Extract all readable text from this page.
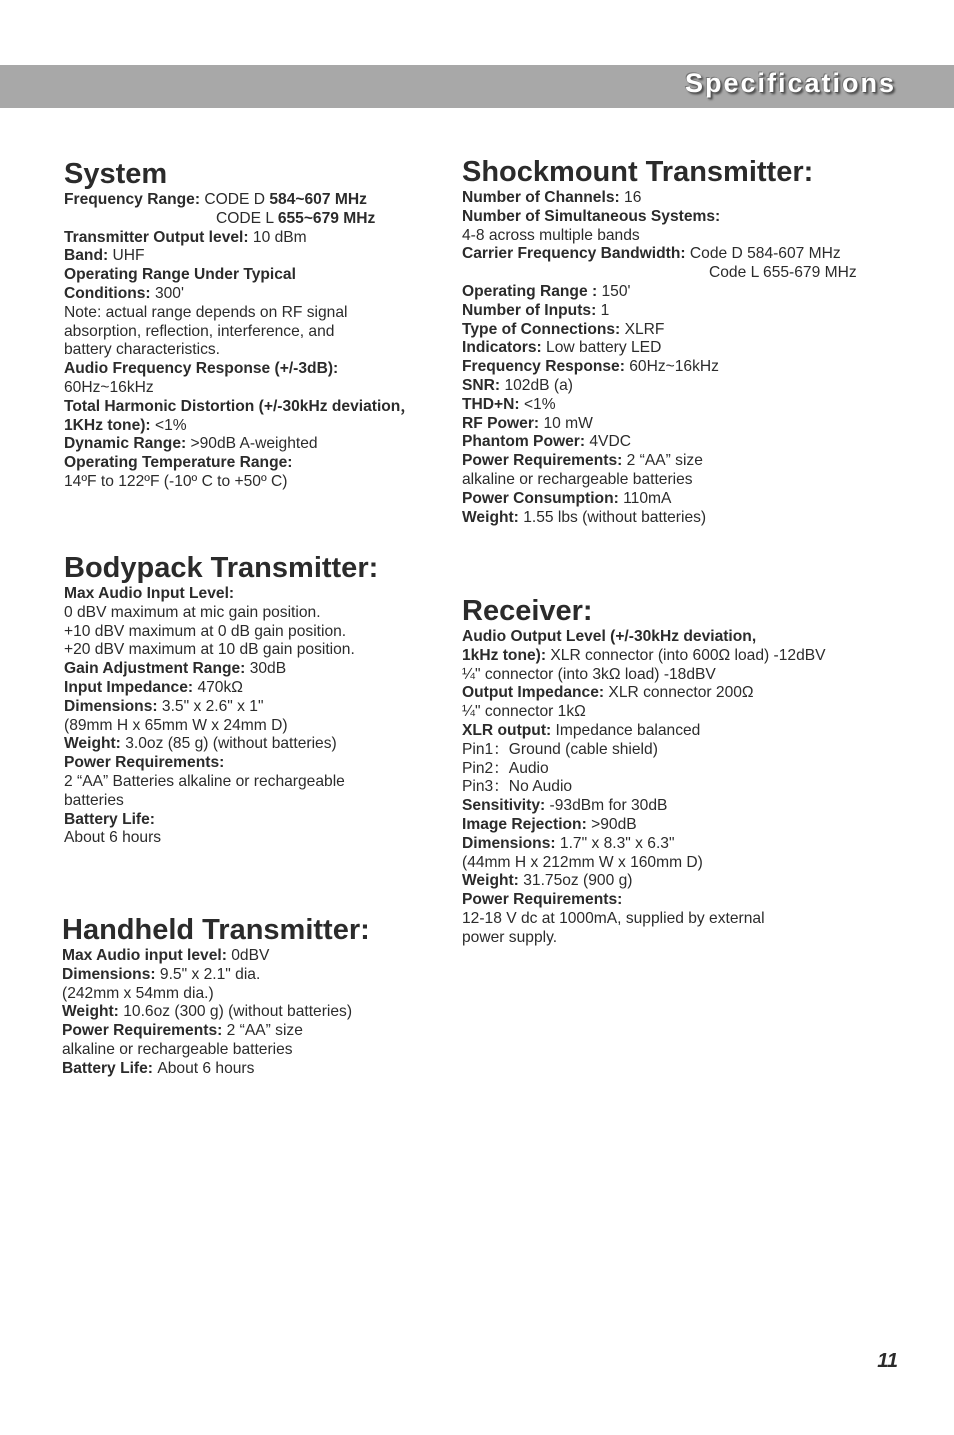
Specifications
System
Frequency Range: CODE D 584~607 MHz
CODE L 655~679 MHz
Transmitter Output level: 10 dBm
Band: UHF
Operating Range Under Typical
Conditions: 300'
Note: actual range depends on RF signal
absorption, reflection, interference, and
battery characteristics.
Audio Frequency Response (+/-3dB):
60Hz~16kHz
Total Harmonic Distortion (+/-30kHz deviation，
1KHz tone): <1%
Dynamic Range: >90dB A-weighted
Operating Temperature Range:
14ºF to 122ºF (-10º C to +50º C)
Bodypack Transmitter:
Max Audio Input Level:
0 dBV maximum at mic gain position.
+10 dBV maximum at 0 dB gain position.
+20 dBV maximum at 10 dB gain position.
Gain Adjustment Range: 30dB
Input Impedance: 470kΩ
Dimensions: 3.5" x 2.6" x 1"
(89mm H x 65mm W x 24mm D)
Weight: 3.0oz (85 g) (without batteries)
Power Requirements:
2 “AA” Batteries alkaline or rechargeable
batteries
Battery Life:
About 6 hours
Handheld Transmitter:
Max Audio input level: 0dBV
Dimensions: 9.5" x 2.1" dia.
(242mm x 54mm dia.)
Weight: 10.6oz (300 g) (without batteries)
Power Requirements: 2 “AA” size
alkaline or rechargeable batteries
Battery Life: About 6 hours
Shockmount Transmitter:
Number of Channels: 16
Number of Simultaneous Systems:
4-8 across multiple bands
Carrier Frequency Bandwidth: Code D 584-607 MHz
Code L 655-679 MHz
Operating Range : 150'
Number of Inputs: 1
Type of Connections: XLRF
Indicators: Low battery LED
Frequency Response: 60Hz~16kHz
SNR: 102dB (a)
THD+N: <1%
RF Power: 10 mW
Phantom Power: 4VDC
Power Requirements: 2 “AA” size
alkaline or rechargeable batteries
Power Consumption: 110mA
Weight: 1.55 lbs (without batteries)
Receiver:
Audio Output Level (+/-30kHz deviation,
1kHz tone): XLR connector (into 600Ω load) -12dBV
¼" connector (into 3kΩ load) -18dBV
Output Impedance: XLR connector 200Ω
¼" connector 1kΩ
XLR output: Impedance balanced
Pin1：Ground (cable shield)
Pin2：Audio
Pin3：No Audio
Sensitivity: -93dBm for 30dB
Image Rejection: >90dB
Dimensions: 1.7" x 8.3" x 6.3"
(44mm H x 212mm W x 160mm D)
Weight: 31.75oz (900 g)
Power Requirements:
12-18 V dc at 1000mA, supplied by external
power supply.
11
